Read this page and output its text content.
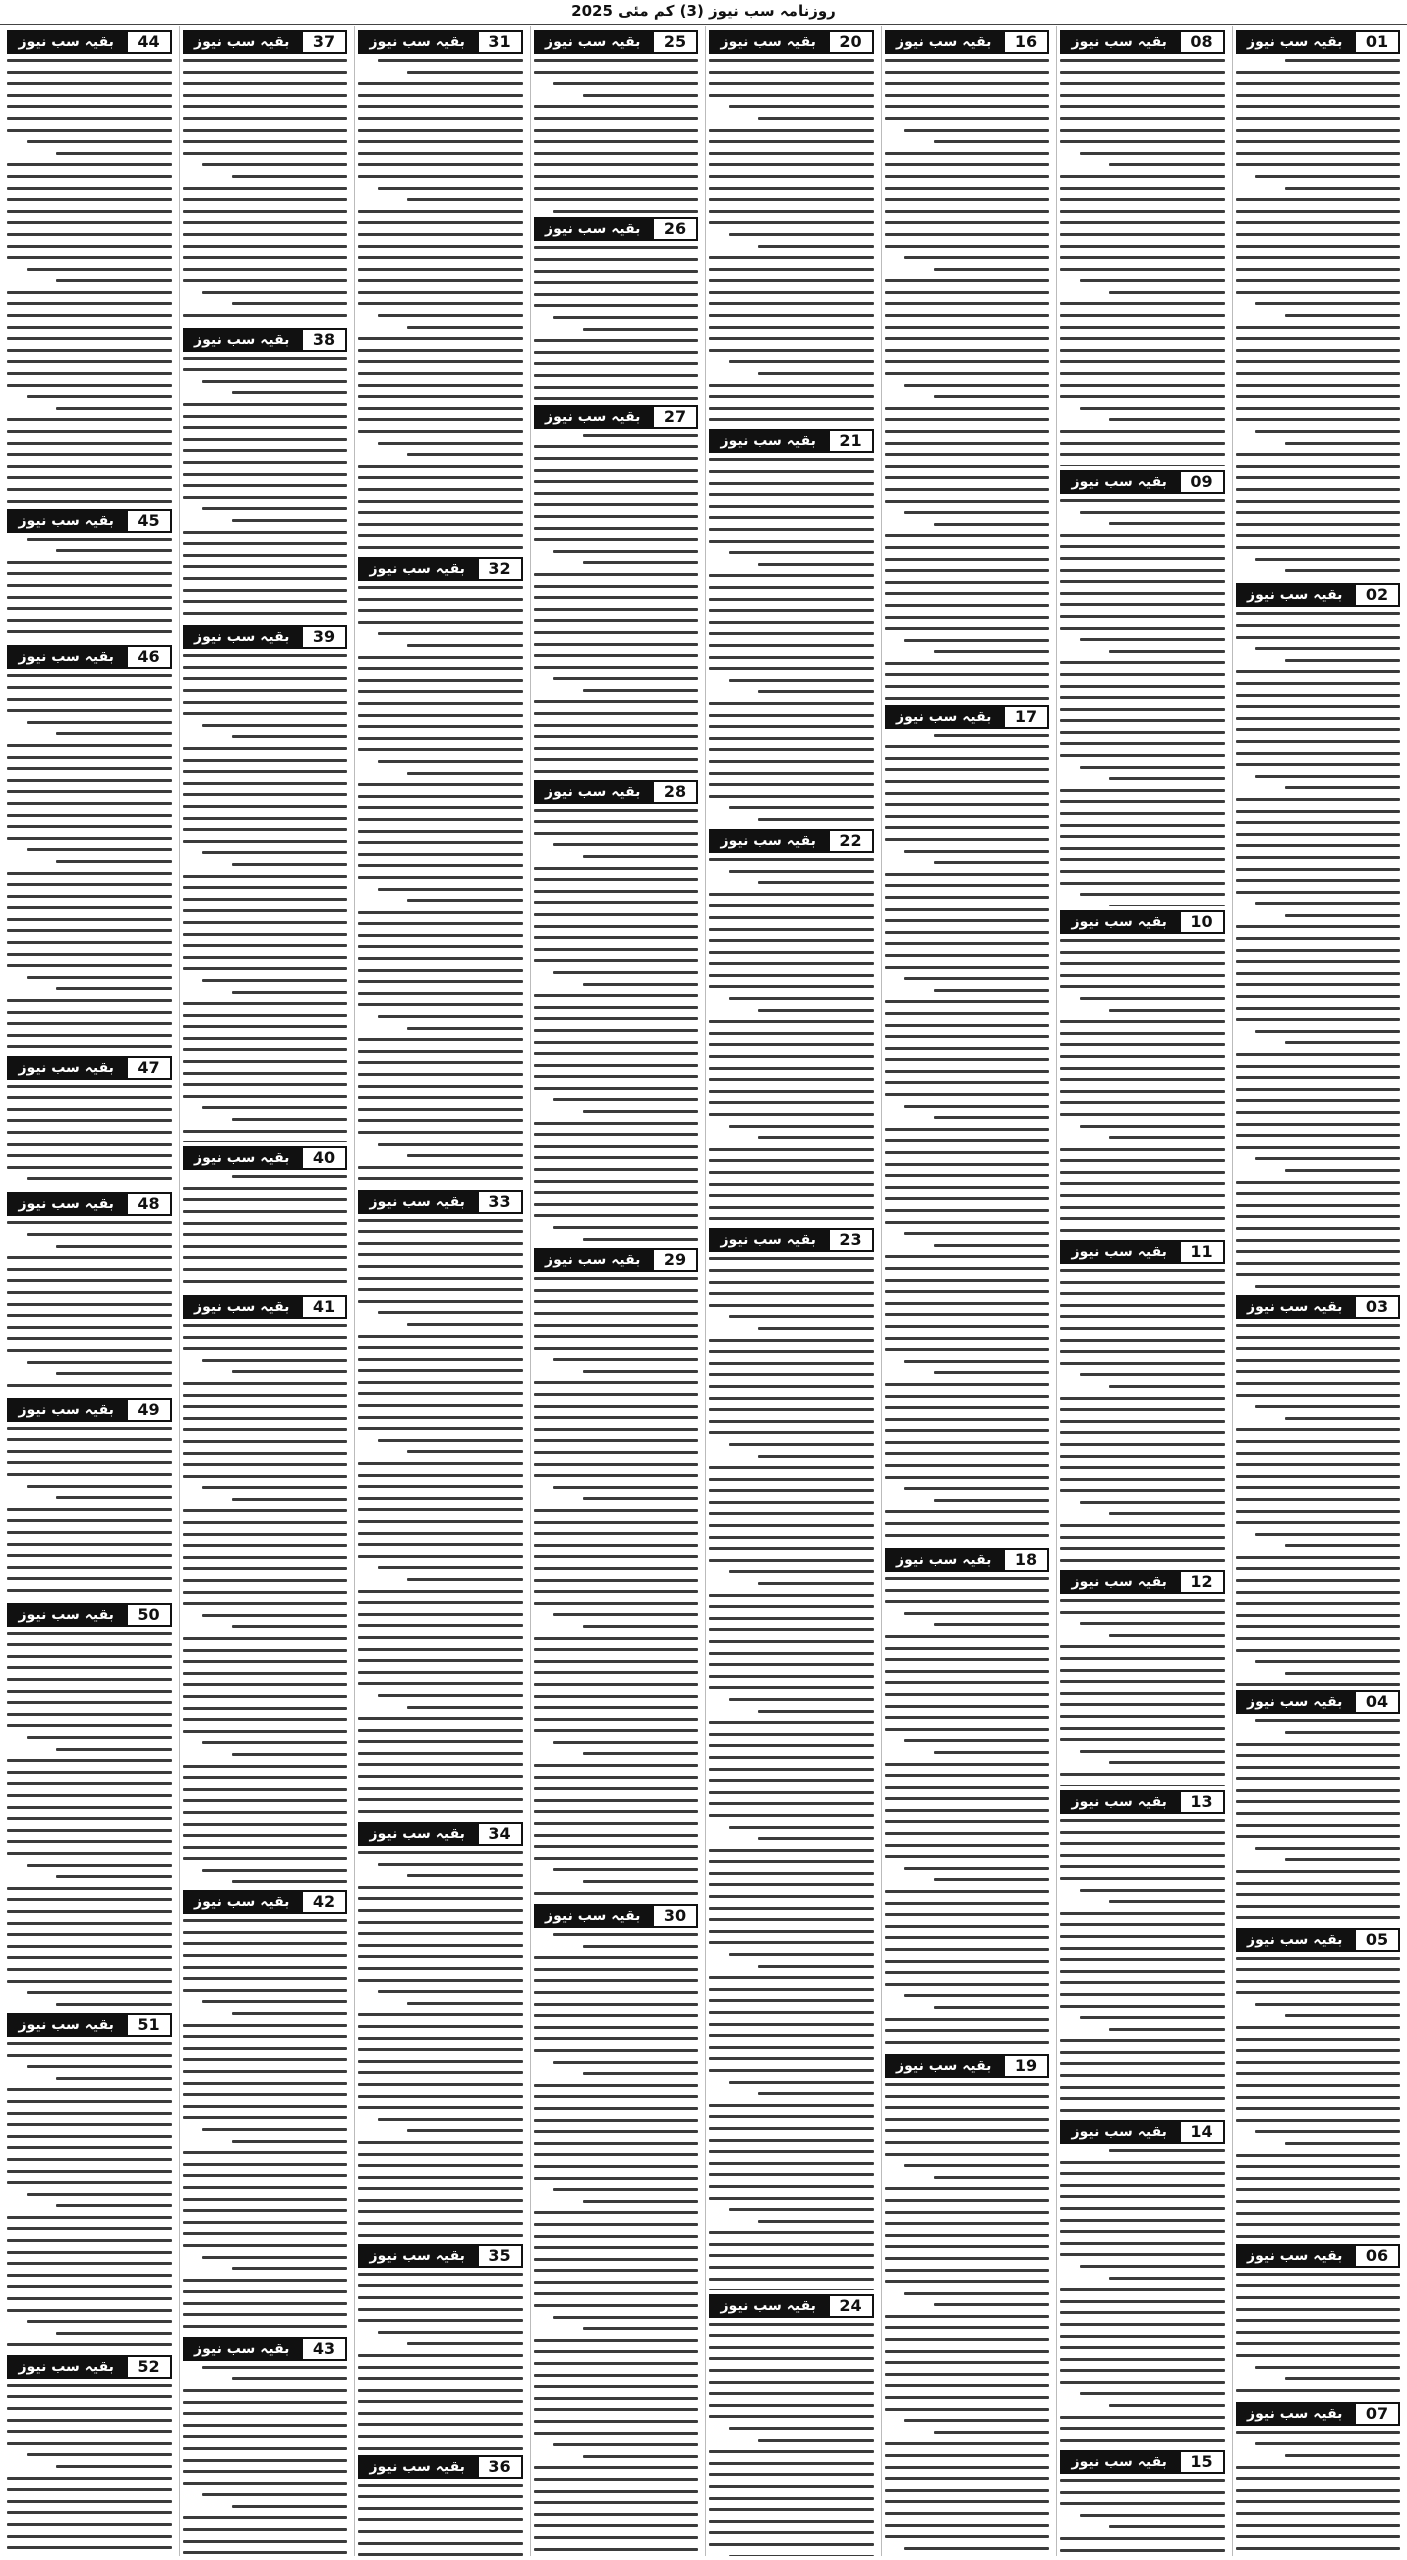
روزنامہ سب نیوز (3) کم مئی 2025
01
بقیہ سب نیوز
02
بقیہ سب نیوز
03
بقیہ سب نیوز
04
بقیہ سب نیوز
05
بقیہ سب نیوز
06
بقیہ سب نیوز
07
بقیہ سب نیوز
08
بقیہ سب نیوز
09
بقیہ سب نیوز
10
بقیہ سب نیوز
11
بقیہ سب نیوز
12
بقیہ سب نیوز
13
بقیہ سب نیوز
14
بقیہ سب نیوز
15
بقیہ سب نیوز
16
بقیہ سب نیوز
17
بقیہ سب نیوز
18
بقیہ سب نیوز
19
بقیہ سب نیوز
20
بقیہ سب نیوز
21
بقیہ سب نیوز
22
بقیہ سب نیوز
23
بقیہ سب نیوز
24
بقیہ سب نیوز
25
بقیہ سب نیوز
26
بقیہ سب نیوز
27
بقیہ سب نیوز
28
بقیہ سب نیوز
29
بقیہ سب نیوز
30
بقیہ سب نیوز
31
بقیہ سب نیوز
32
بقیہ سب نیوز
33
بقیہ سب نیوز
34
بقیہ سب نیوز
35
بقیہ سب نیوز
36
بقیہ سب نیوز
37
بقیہ سب نیوز
38
بقیہ سب نیوز
39
بقیہ سب نیوز
40
بقیہ سب نیوز
41
بقیہ سب نیوز
42
بقیہ سب نیوز
43
بقیہ سب نیوز
44
بقیہ سب نیوز
45
بقیہ سب نیوز
46
بقیہ سب نیوز
47
بقیہ سب نیوز
48
بقیہ سب نیوز
49
بقیہ سب نیوز
50
بقیہ سب نیوز
51
بقیہ سب نیوز
52
بقیہ سب نیوز
